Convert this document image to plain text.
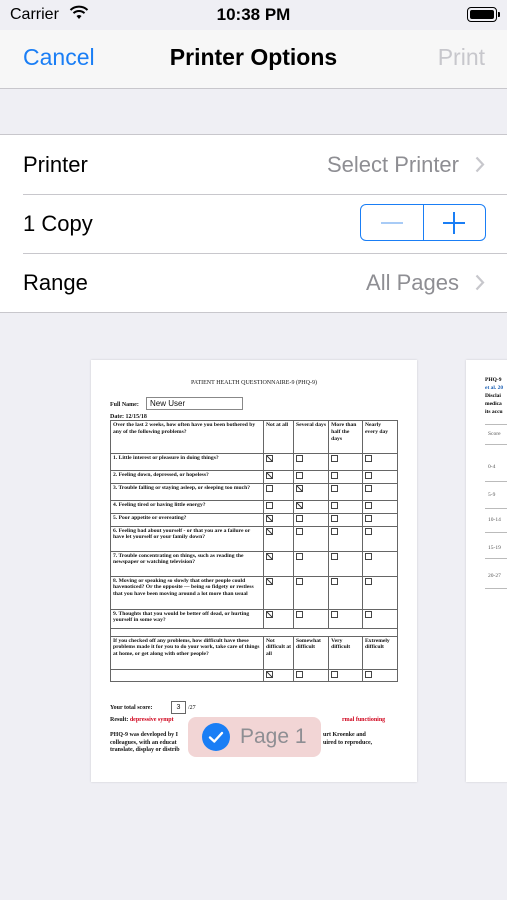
Carrier	10:38 PM
Cancel	Printer Options	Print
Printer	Select Printer
1 Copy
Range	All Pages
PATIENT HEALTH QUESTIONNAIRE-9 (PHQ-9)
Full Name:	New User
Date: 12/15/18
Over the last 2 weeks, how often have you been bothered by any of the following problems?	Not at all	Several days	More than half the days	Nearly every day
1. Little interest or pleasure in doing things?				
2. Feeling down, depressed, or hopeless?				
3. Trouble falling or staying asleep, or sleeping too much?				
4. Feeling tired or having little energy?				
5. Poor appetite or overeating?				
6. Feeling bad about yourself - or that you are a failure or have let yourself or your family down?				
7. Trouble concentrating on things, such as reading the newspaper or watching television?				
8. Moving or speaking so slowly that other people could havenoticed? Or the opposite — being so fidgety or restless that you have been moving around a lot more than usual				
9. Thoughts that you would be better off dead, or hurting yourself in some way?				

If you checked off any problems, how difficult have these problems made it for you to do your work, take care of things at home, or get along with other people?	Not difficult at all	Somewhat difficult	Very difficult	Extremely difficult

Your total score:	3	/27
Result: depressive sympt	rmal functioning
PHQ-9 was developed by I	urt Kroenke and
colleagues, with an educat	uired to reproduce,
translate, display or distrib
PHQ-9
et al. 20
Disclai
medica
its accu
Score
0-4
5-9
10-14
15-19
20-27
Page 1
